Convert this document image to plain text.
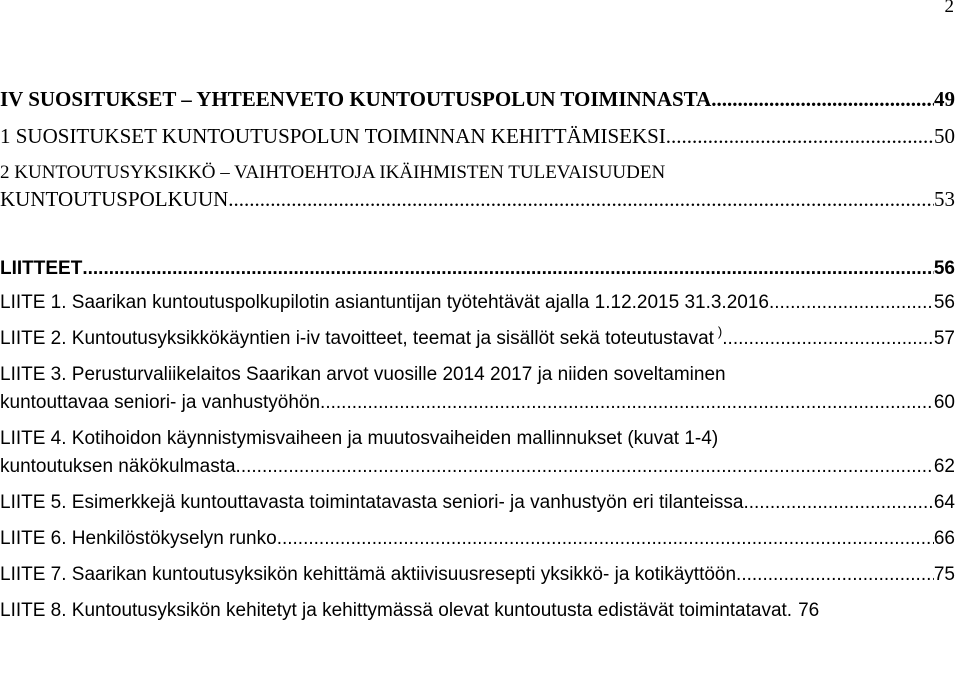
2
IV SUOSITUKSET – YHTEENVETO KUNTOUTUSPOLUN TOIMINNASTA .....	49
1 SUOSITUKSET KUNTOUTUSPOLUN TOIMINNAN KEHITTÄMISEKSI .....	50
2 KUNTOUTUSYKSIKKÖ – VAIHTOEHTOJA IKÄIHMISTEN TULEVAISUUDEN
KUNTOUTUSPOLKUUN .....	53
LIITTEET .....	56
LIITE 1. Saarikan kuntoutuspolkupilotin asiantuntijan työtehtävät ajalla 1.12.2015 31.3.2016. .....	56
LIITE 2. Kuntoutusyksikkökäyntien i-iv tavoitteet, teemat ja sisällöt sekä toteutustavat ) .....	57
LIITE 3. Perusturvaliikelaitos Saarikan arvot vuosille 2014 2017 ja niiden soveltaminen
kuntouttavaa seniori- ja vanhustyöhön. .....	60
LIITE 4. Kotihoidon käynnistymisvaiheen ja muutosvaiheiden mallinnukset (kuvat 1-4)
kuntoutuksen näkökulmasta .....	62
LIITE 5. Esimerkkejä kuntouttavasta toimintatavasta seniori- ja vanhustyön eri tilanteissa. .....	64
LIITE 6. Henkilöstökyselyn runko .....	66
LIITE 7. Saarikan kuntoutusyksikön kehittämä aktiivisuusresepti yksikkö- ja kotikäyttöön. .....	75
LIITE 8. Kuntoutusyksikön kehitetyt ja kehittymässä olevat kuntoutusta edistävät toimintatavat. 76
